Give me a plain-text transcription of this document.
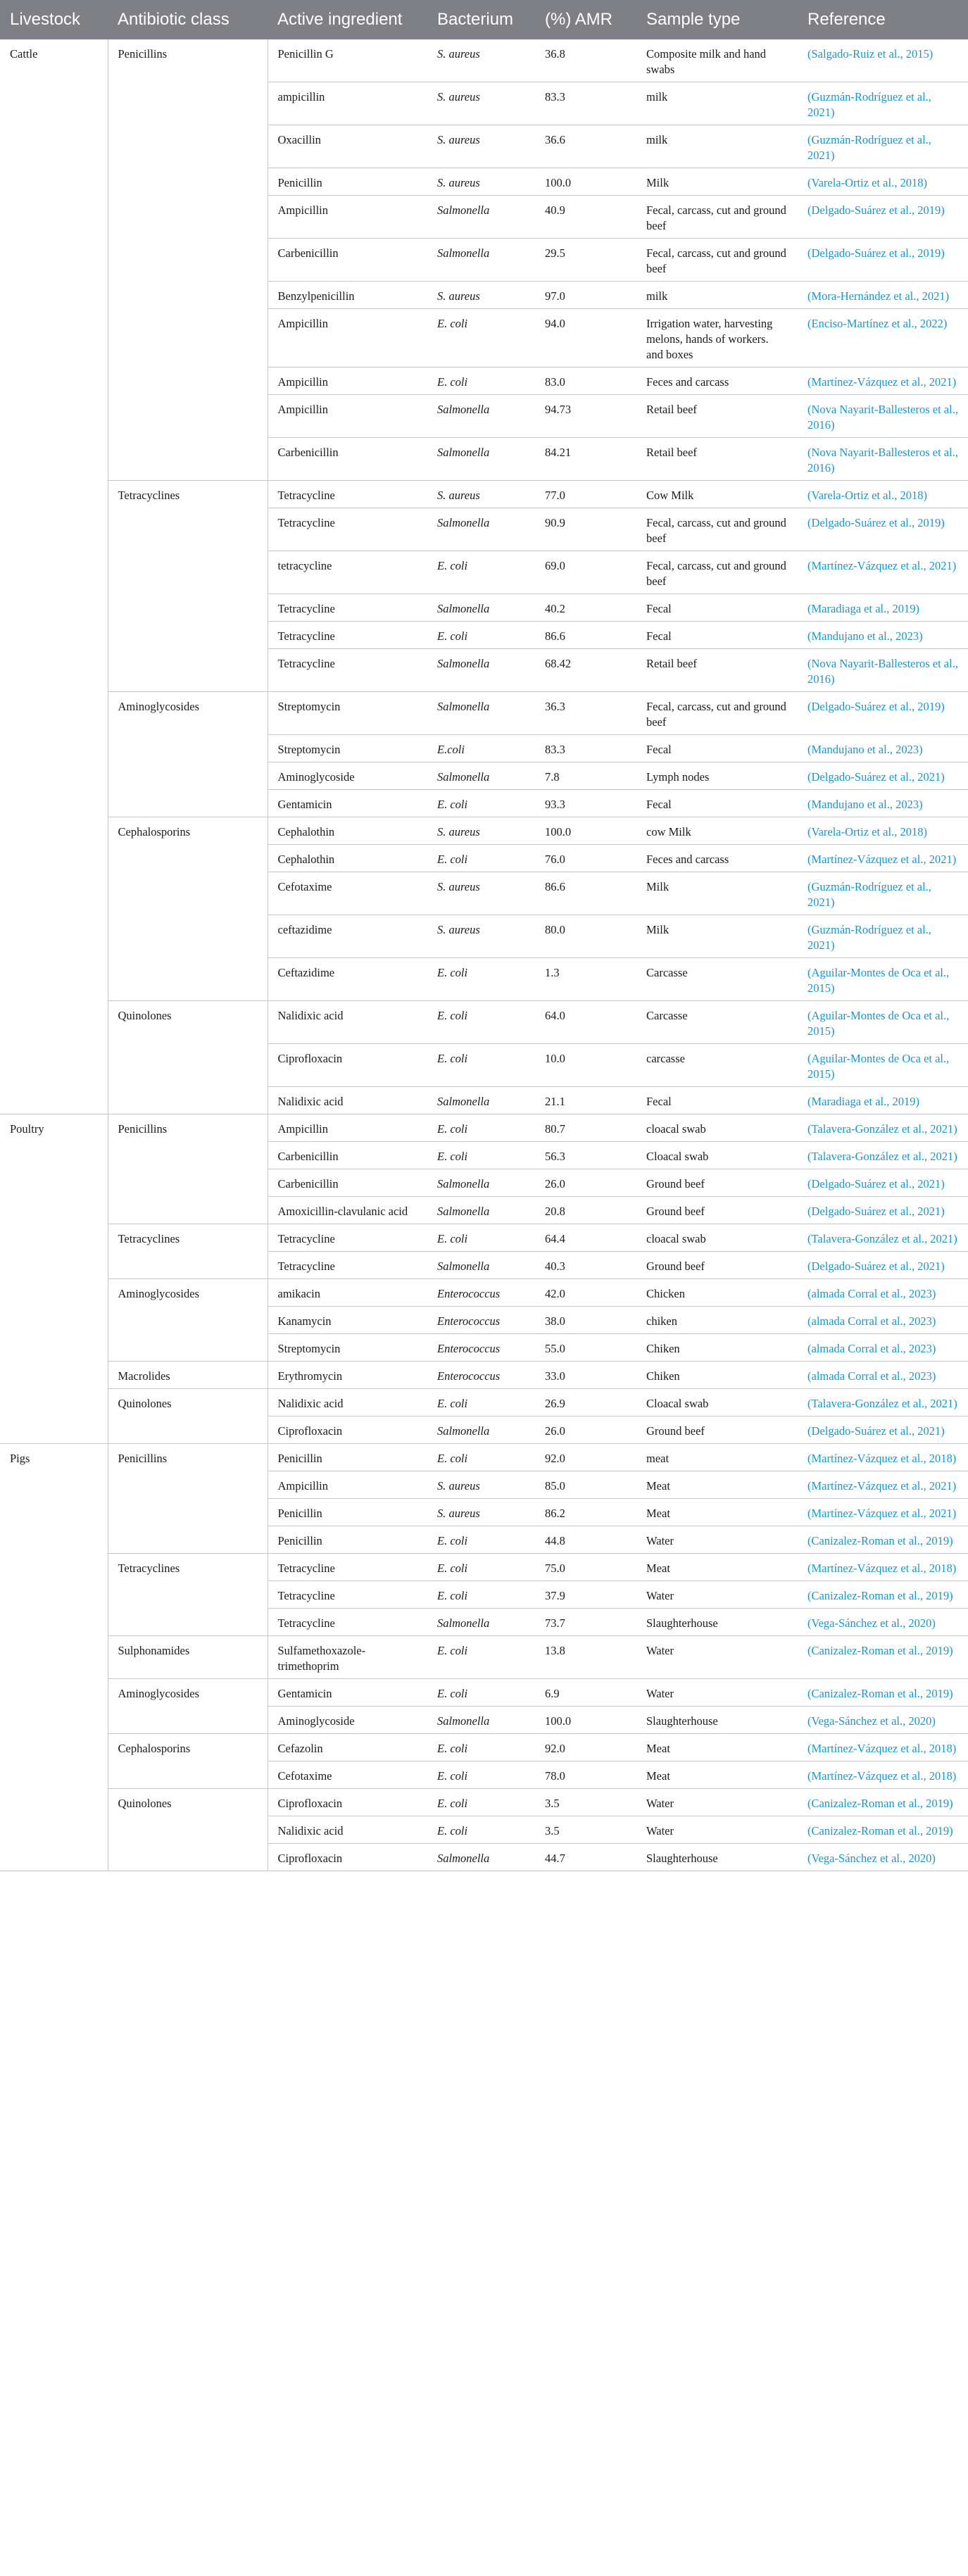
Livestock	Antibiotic class	Active ingredient	Bacterium	(%) AMR	Sample type	Reference
Cattle	Penicillins	Penicillin G	S. aureus	36.8	Composite milk and hand swabs	(Salgado-Ruiz et al., 2015)
		ampicillin	S. aureus	83.3	milk	(Guzmán-Rodríguez et al., 2021)
		Oxacillin	S. aureus	36.6	milk	(Guzmán-Rodríguez et al., 2021)
		Penicillin	S. aureus	100.0	Milk	(Varela-Ortiz et al., 2018)
		Ampicillin	Salmonella	40.9	Fecal, carcass, cut and ground beef	(Delgado-Suárez et al., 2019)
		Carbenicillin	Salmonella	29.5	Fecal, carcass, cut and ground beef	(Delgado-Suárez et al., 2019)
		Benzylpenicillin	S. aureus	97.0	milk	(Mora-Hernández et al., 2021)
		Ampicillin	E. coli	94.0	Irrigation water, harvesting melons, hands of workers. and boxes	(Enciso-Martínez et al., 2022)
		Ampicillin	E. coli	83.0	Feces and carcass	(Martínez-Vázquez et al., 2021)
		Ampicillin	Salmonella	94.73	Retail beef	(Nova Nayarit-Ballesteros et al., 2016)
		Carbenicillin	Salmonella	84.21	Retail beef	(Nova Nayarit-Ballesteros et al., 2016)
	Tetracyclines	Tetracycline	S. aureus	77.0	Cow Milk	(Varela-Ortiz et al., 2018)
		Tetracycline	Salmonella	90.9	Fecal, carcass, cut and ground beef	(Delgado-Suárez et al., 2019)
		tetracycline	E. coli	69.0	Fecal, carcass, cut and ground beef	(Martínez-Vázquez et al., 2021)
		Tetracycline	Salmonella	40.2	Fecal	(Maradiaga et al., 2019)
		Tetracycline	E. coli	86.6	Fecal	(Mandujano et al., 2023)
		Tetracycline	Salmonella	68.42	Retail beef	(Nova Nayarit-Ballesteros et al., 2016)
	Aminoglycosides	Streptomycin	Salmonella	36.3	Fecal, carcass, cut and ground beef	(Delgado-Suárez et al., 2019)
		Streptomycin	E.coli	83.3	Fecal	(Mandujano et al., 2023)
		Aminoglycoside	Salmonella	7.8	Lymph nodes	(Delgado-Suárez et al., 2021)
		Gentamicin	E. coli	93.3	Fecal	(Mandujano et al., 2023)
	Cephalosporins	Cephalothin	S. aureus	100.0	cow Milk	(Varela-Ortiz et al., 2018)
		Cephalothin	E. coli	76.0	Feces and carcass	(Martínez-Vázquez et al., 2021)
		Cefotaxime	S. aureus	86.6	Milk	(Guzmán-Rodríguez et al., 2021)
		ceftazidime	S. aureus	80.0	Milk	(Guzmán-Rodríguez et al., 2021)
		Ceftazidime	E. coli	1.3	Carcasse	(Aguilar-Montes de Oca et al., 2015)
	Quinolones	Nalidixic acid	E. coli	64.0	Carcasse	(Aguilar-Montes de Oca et al., 2015)
		Ciprofloxacin	E. coli	10.0	carcasse	(Aguilar-Montes de Oca et al., 2015)
		Nalidixic acid	Salmonella	21.1	Fecal	(Maradiaga et al., 2019)
Poultry	Penicillins	Ampicillin	E. coli	80.7	cloacal swab	(Talavera-González et al., 2021)
		Carbenicillin	E. coli	56.3	Cloacal swab	(Talavera-González et al., 2021)
		Carbenicillin	Salmonella	26.0	Ground beef	(Delgado-Suárez et al., 2021)
		Amoxicillin-clavulanic acid	Salmonella	20.8	Ground beef	(Delgado-Suárez et al., 2021)
	Tetracyclines	Tetracycline	E. coli	64.4	cloacal swab	(Talavera-González et al., 2021)
		Tetracycline	Salmonella	40.3	Ground beef	(Delgado-Suárez et al., 2021)
	Aminoglycosides	amikacin	Enterococcus	42.0	Chicken	(almada Corral et al., 2023)
		Kanamycin	Enterococcus	38.0	chiken	(almada Corral et al., 2023)
		Streptomycin	Enterococcus	55.0	Chiken	(almada Corral et al., 2023)
	Macrolides	Erythromycin	Enterococcus	33.0	Chiken	(almada Corral et al., 2023)
	Quinolones	Nalidixic acid	E. coli	26.9	Cloacal swab	(Talavera-González et al., 2021)
		Ciprofloxacin	Salmonella	26.0	Ground beef	(Delgado-Suárez et al., 2021)
Pigs	Penicillins	Penicillin	E. coli	92.0	meat	(Martínez-Vázquez et al., 2018)
		Ampicillin	S. aureus	85.0	Meat	(Martínez-Vázquez et al., 2021)
		Penicillin	S. aureus	86.2	Meat	(Martínez-Vázquez et al., 2021)
		Penicillin	E. coli	44.8	Water	(Canizalez-Roman et al., 2019)
	Tetracyclines	Tetracycline	E. coli	75.0	Meat	(Martínez-Vázquez et al., 2018)
		Tetracycline	E. coli	37.9	Water	(Canizalez-Roman et al., 2019)
		Tetracycline	Salmonella	73.7	Slaughterhouse	(Vega-Sánchez et al., 2020)
	Sulphonamides	Sulfamethoxazole-trimethoprim	E. coli	13.8	Water	(Canizalez-Roman et al., 2019)
	Aminoglycosides	Gentamicin	E. coli	6.9	Water	(Canizalez-Roman et al., 2019)
		Aminoglycoside	Salmonella	100.0	Slaughterhouse	(Vega-Sánchez et al., 2020)
	Cephalosporins	Cefazolin	E. coli	92.0	Meat	(Martínez-Vázquez et al., 2018)
		Cefotaxime	E. coli	78.0	Meat	(Martínez-Vázquez et al., 2018)
	Quinolones	Ciprofloxacin	E. coli	3.5	Water	(Canizalez-Roman et al., 2019)
		Nalidixic acid	E. coli	3.5	Water	(Canizalez-Roman et al., 2019)
		Ciprofloxacin	Salmonella	44.7	Slaughterhouse	(Vega-Sánchez et al., 2020)
